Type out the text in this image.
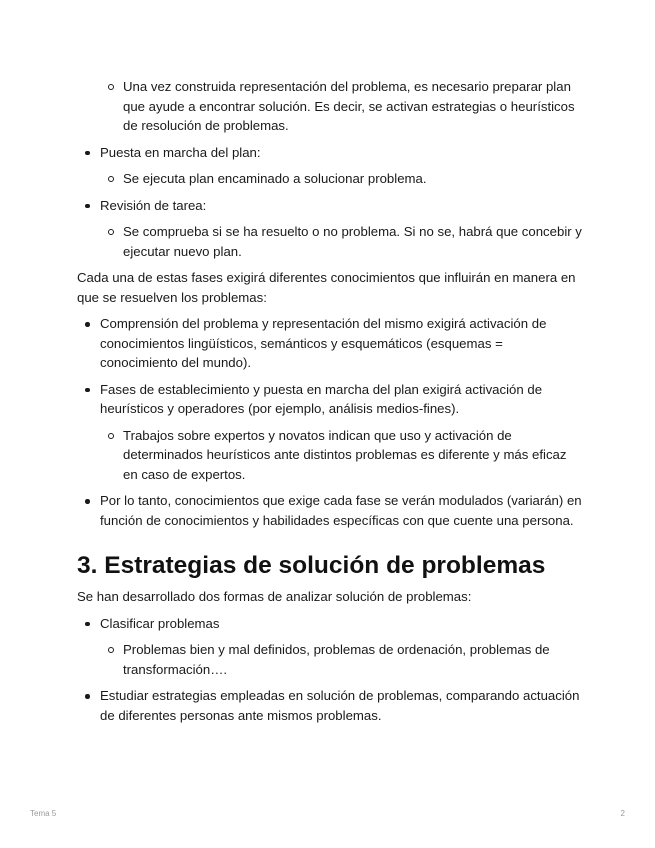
Una vez construida representación del problema, es necesario preparar plan que ayude a encontrar solución. Es decir, se activan estrategias o heurísticos de resolución de problemas.
Puesta en marcha del plan:
Se ejecuta plan encaminado a solucionar problema.
Revisión de tarea:
Se comprueba si se ha resuelto o no problema. Si no se, habrá que concebir y ejecutar nuevo plan.

Cada una de estas fases exigirá diferentes conocimientos que influirán en manera en que se resuelven los problemas:

Comprensión del problema y representación del mismo exigirá activación de conocimientos lingüísticos, semánticos y esquemáticos (esquemas = conocimiento del mundo).
Fases de establecimiento y puesta en marcha del plan exigirá activación de heurísticos y operadores (por ejemplo, análisis medios-fines).
Trabajos sobre expertos y novatos indican que uso y activación de determinados heurísticos ante distintos problemas es diferente y más eficaz en caso de expertos.
Por lo tanto, conocimientos que exige cada fase se verán modulados (variarán) en función de conocimientos y habilidades específicas con que cuente una persona.
3. Estrategias de solución de problemas

Se han desarrollado dos formas de analizar solución de problemas:

Clasificar problemas
Problemas bien y mal definidos, problemas de ordenación, problemas de transformación….
Estudiar estrategias empleadas en solución de problemas, comparando actuación de diferentes personas ante mismos problemas.
Tema 5	2
